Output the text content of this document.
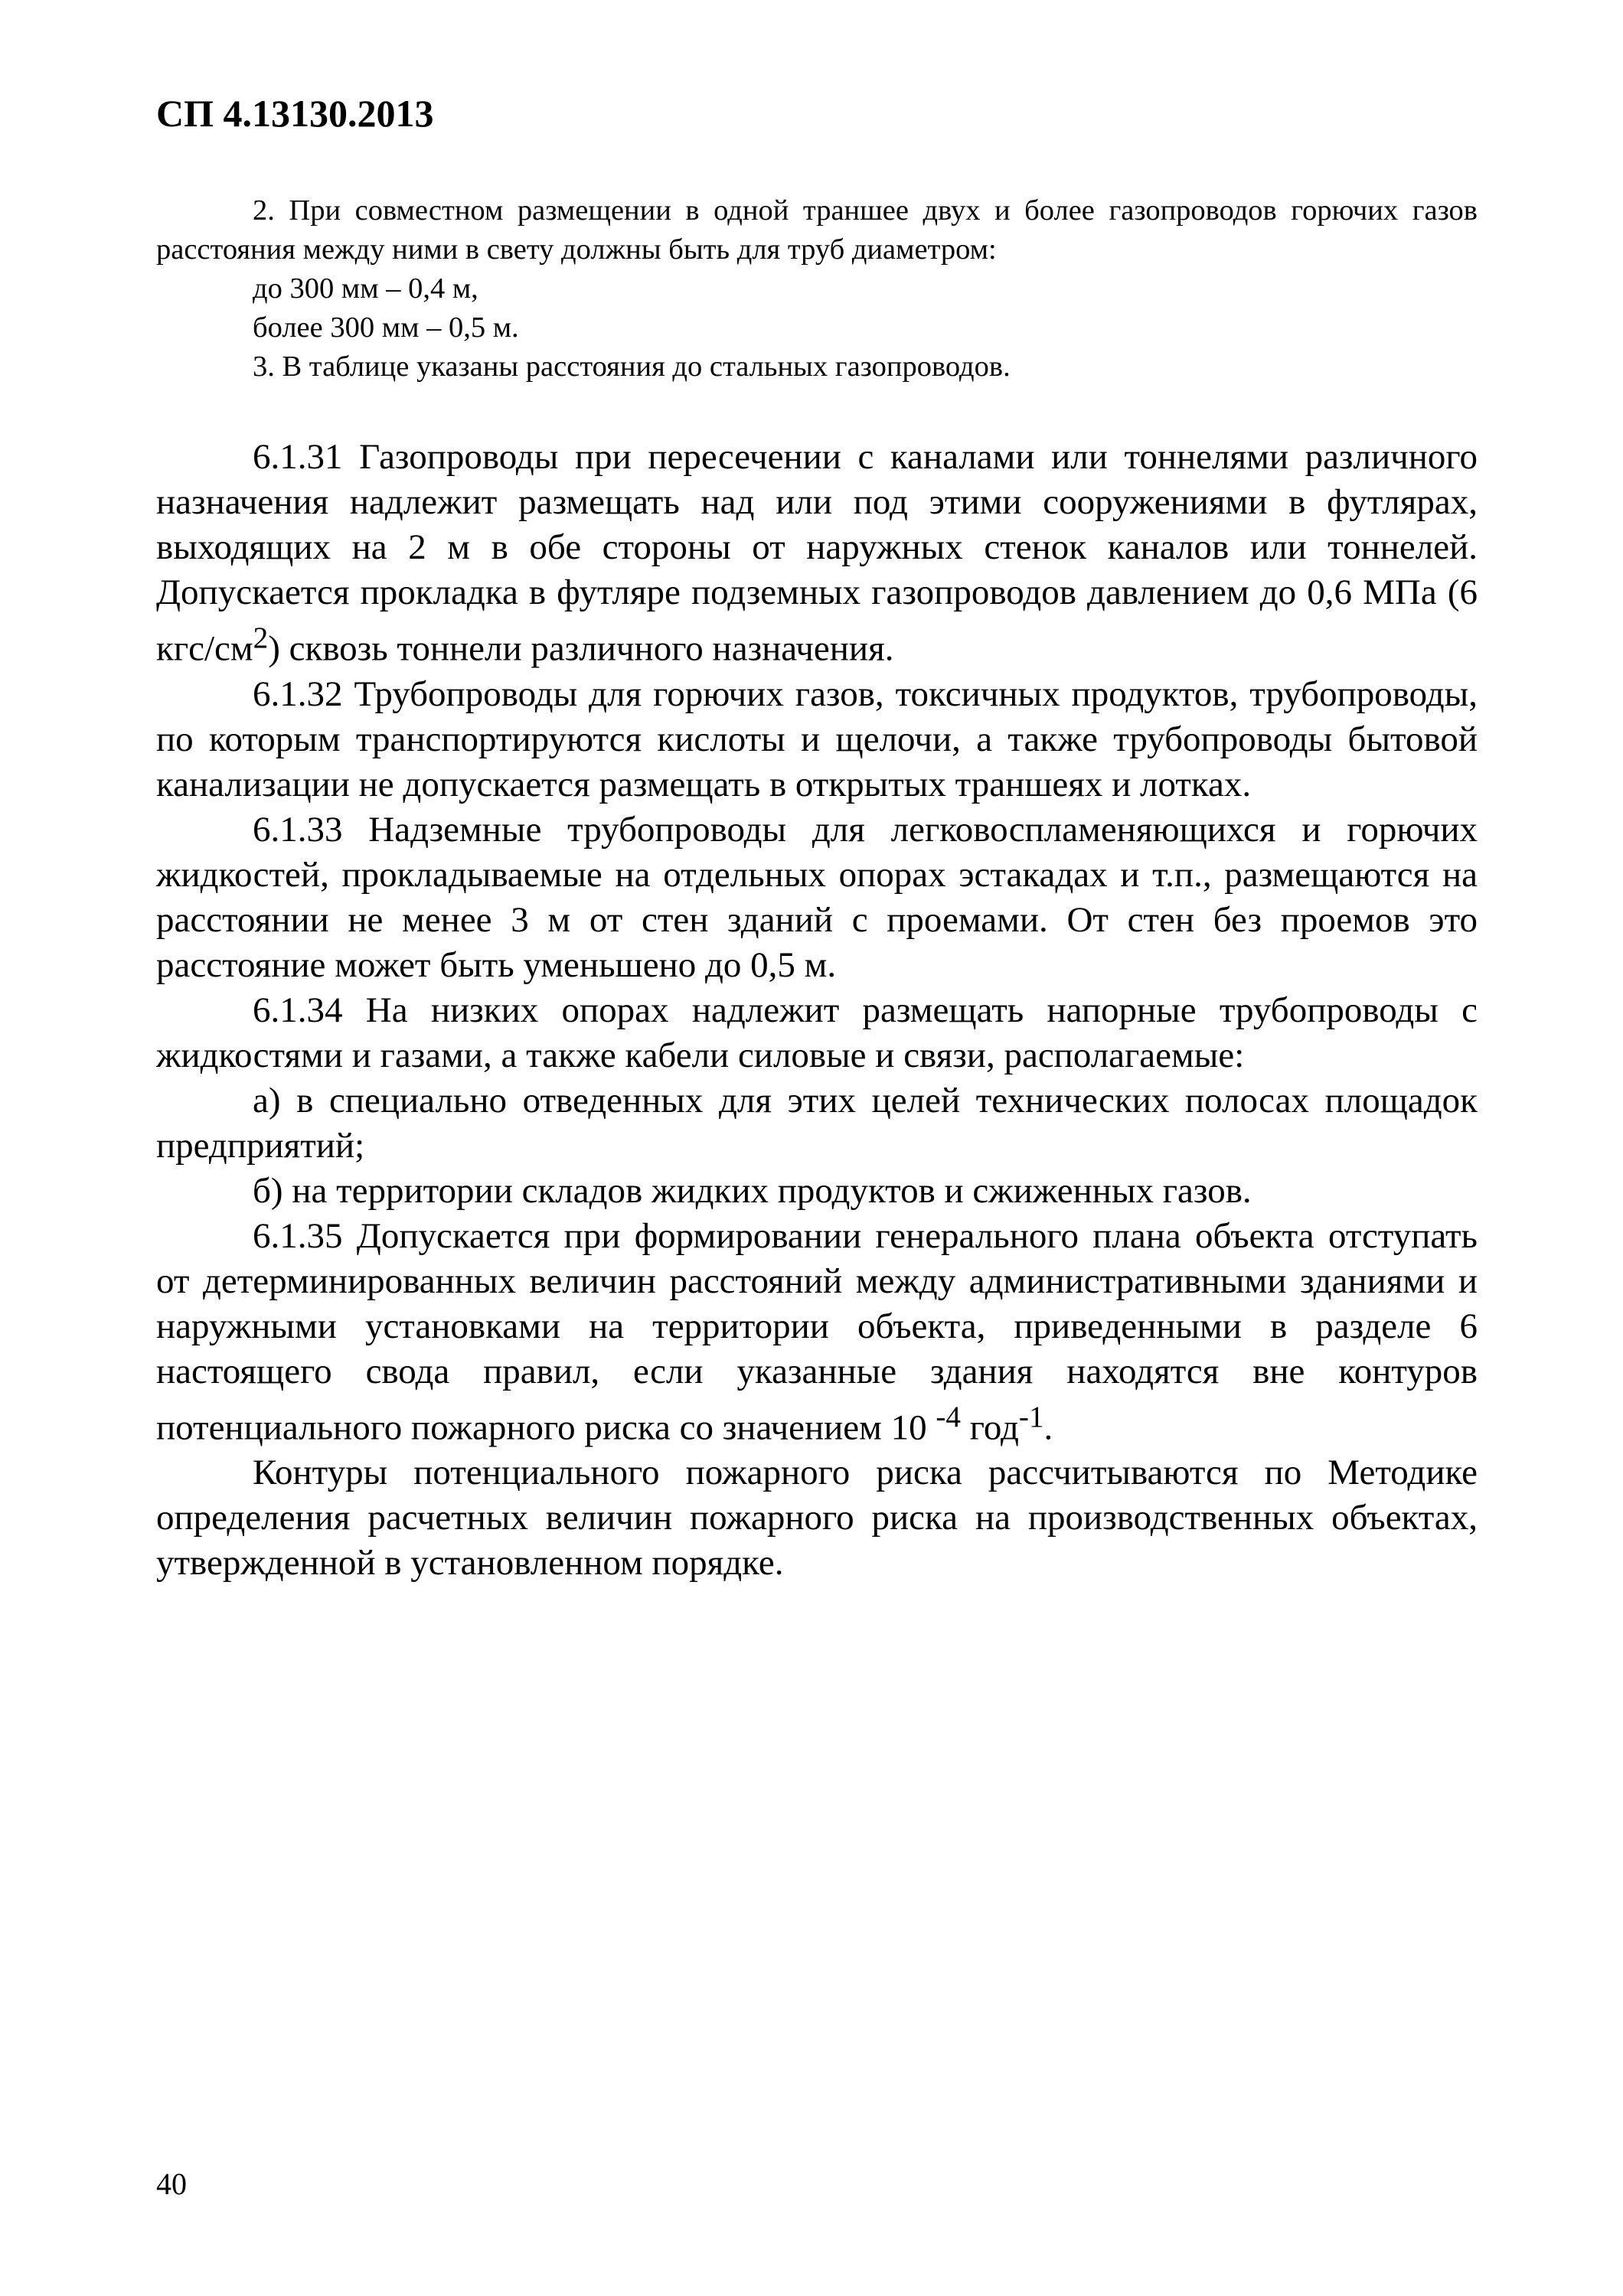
СП 4.13130.2013

2. При совместном размещении в одной траншее двух и более газопроводов горючих газов расстояния между ними в свету должны быть для труб диаметром:

до 300 мм – 0,4 м,

более 300 мм – 0,5 м.

3. В таблице указаны расстояния до стальных газопроводов.

6.1.31 Газопроводы при пересечении с каналами или тоннелями различного назначения надлежит размещать над или под этими сооружениями в футлярах, выходящих на 2 м в обе стороны от наружных стенок каналов или тоннелей. Допускается прокладка в футляре подземных газопроводов давлением до 0,6 МПа (6 кгс/$см^2$) сквозь тоннели различного назначения.

6.1.32 Трубопроводы для горючих газов, токсичных продуктов, трубопроводы, по которым транспортируются кислоты и щелочи, а также трубопроводы бытовой канализации не допускается размещать в открытых траншеях и лотках.

6.1.33 Надземные трубопроводы для легковоспламеняющихся и горючих жидкостей, прокладываемые на отдельных опорах эстакадах и т.п., размещаются на расстоянии не менее 3 м от стен зданий с проемами. От стен без проемов это расстояние может быть уменьшено до 0,5 м.

6.1.34 На низких опорах надлежит размещать напорные трубопроводы с жидкостями и газами, а также кабели силовые и связи, располагаемые:

а) в специально отведенных для этих целей технических полосах площадок предприятий;

б) на территории складов жидких продуктов и сжиженных газов.

6.1.35 Допускается при формировании генерального плана объекта отступать от детерминированных величин расстояний между административными зданиями и наружными установками на территории объекта, приведенными в разделе 6 настоящего свода правил, если указанные здания находятся вне контуров потенциального пожарного риска со значением 10 $^{-4}$ год$^{-1}$.

Контуры потенциального пожарного риска рассчитываются по Методике определения расчетных величин пожарного риска на производственных объектах, утвержденной в установленном порядке.

40
